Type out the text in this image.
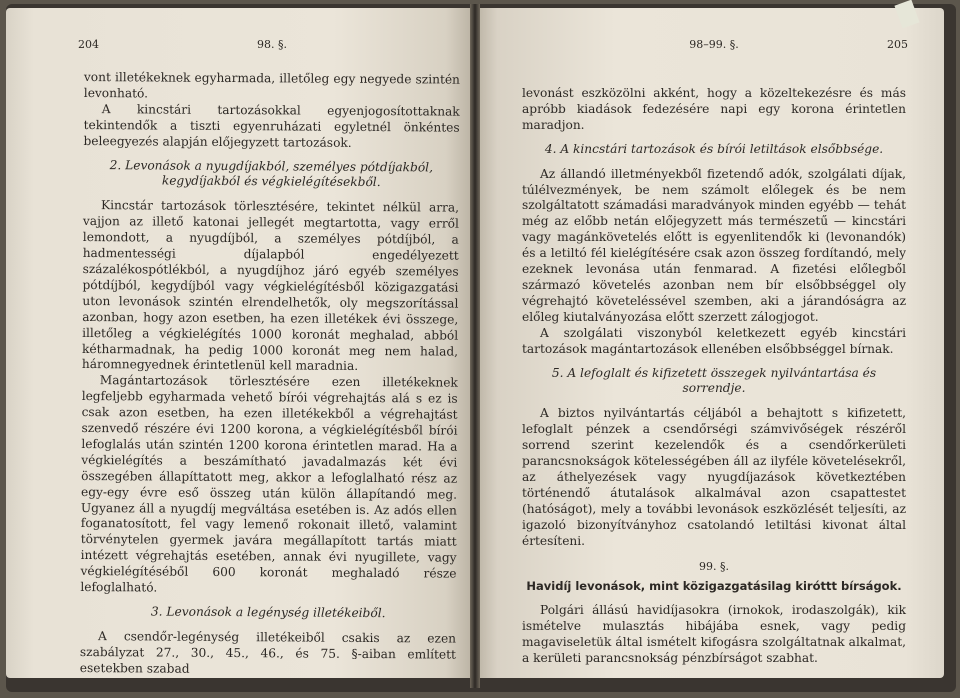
204	98. §.

vont illetékeknek egyharmada, illetőleg egy negyede szintén levonható.

A kincstári tartozásokkal egyenjogosítottaknak tekintendők a tiszti egyenruházati egyletnél önkéntes beleegyezés alapján előjegyzett tartozások.

2. Levonások a nyugdíjakból, személyes pótdíjakból, kegydíjakból és végkielégítésekből.

Kincstár tartozások törlesztésére, tekintet nélkül arra, vajjon az illető katonai jellegét megtartotta, vagy erről lemondott, a nyugdíjból, a személyes pótdíjból, a hadmentességi díjalapból engedélyezett százalékospótlékból, a nyugdíjhoz járó egyéb személyes pótdíjból, kegydíjból vagy végkielégítésből közigazgatási uton levonások szintén elrendelhetők, oly megszorítással azonban, hogy azon esetben, ha ezen illetékek évi összege, illetőleg a végkielégítés 1000 koronát meghalad, abból kétharmadnak, ha pedig 1000 koronát meg nem halad, háromnegyednek érintetlenül kell maradnia.

Magántartozások törlesztésére ezen illetékeknek legfeljebb egyharmada vehető bírói végrehajtás alá s ez is csak azon esetben, ha ezen illetékekből a végrehajtást szenvedő részére évi 1200 korona, a végkielégítésből bírói lefoglalás után szintén 1200 korona érintetlen marad. Ha a végkielégítés a beszámítható javadalmazás két évi összegében állapíttatott meg, akkor a lefoglalható rész az egy-egy évre eső összeg után külön állapítandó meg. Ugyanez áll a nyugdíj megváltása esetében is. Az adós ellen foganatosított, fel vagy lemenő rokonait illető, valamint törvénytelen gyermek javára megállapított tartás miatt intézett végrehajtás esetében, annak évi nyugillete, vagy végkielégítéséből 600 koronát meghaladó része lefoglalható.

3. Levonások a legénység illetékeiből.

A csendőr-legénység illetékeiből csakis az ezen szabályzat 27., 30., 45., 46., és 75. §-aiban említett esetekben szabad

98–99. §.	205

levonást eszközölni akként, hogy a közeltekezésre és más apróbb kiadások fedezésére napi egy korona érintetlen maradjon.

4. A kincstári tartozások és bírói letiltások elsőbbsége.

Az állandó illetményekből fizetendő adók, szolgálati díjak, túlélvezmények, be nem számolt előlegek és be nem szolgáltatott számadási maradványok minden egyébb — tehát még az előbb netán előjegyzett más természetű — kincstári vagy magánkövetelés előtt is egyenlitendők ki (levonandók) és a letiltó fél kielégítésére csak azon összeg fordítandó, mely ezeknek levonása után fenmarad. A fizetési előlegből származó követelés azonban nem bír elsőbbséggel oly végrehajtó követeléssével szemben, aki a járandóságra az előleg kiutalványozása előtt szerzett zálogjogot.

A szolgálati viszonyból keletkezett egyéb kincstári tartozások magántartozások ellenében elsőbbséggel bírnak.

5. A lefoglalt és kifizetett összegek nyilvántartása és sorrendje.

A biztos nyilvántartás céljából a behajtott s kifizetett, lefoglalt pénzek a csendőrségi számvivőségek részéről sorrend szerint kezelendők és a csendőrkerületi parancsnokságok kötelességében áll az ilyféle követelésekről, az áthelyezések vagy nyugdíjazások következtében történendő átutalások alkalmával azon csapattestet (hatóságot), mely a további levonások eszközlését teljesíti, az igazoló bizonyítványhoz csatolandó letiltási kivonat által értesíteni.

99. §.
Havidíj levonások, mint közigazgatásilag kiróttt bírságok.

Polgári állású havidíjasokra (irnokok, irodaszolgák), kik ismételve mulasztás hibájába esnek, vagy pedig magaviseletük által ismételt kifogásra szolgáltatnak alkalmat, a kerületi parancsnokság pénzbírságot szabhat.
